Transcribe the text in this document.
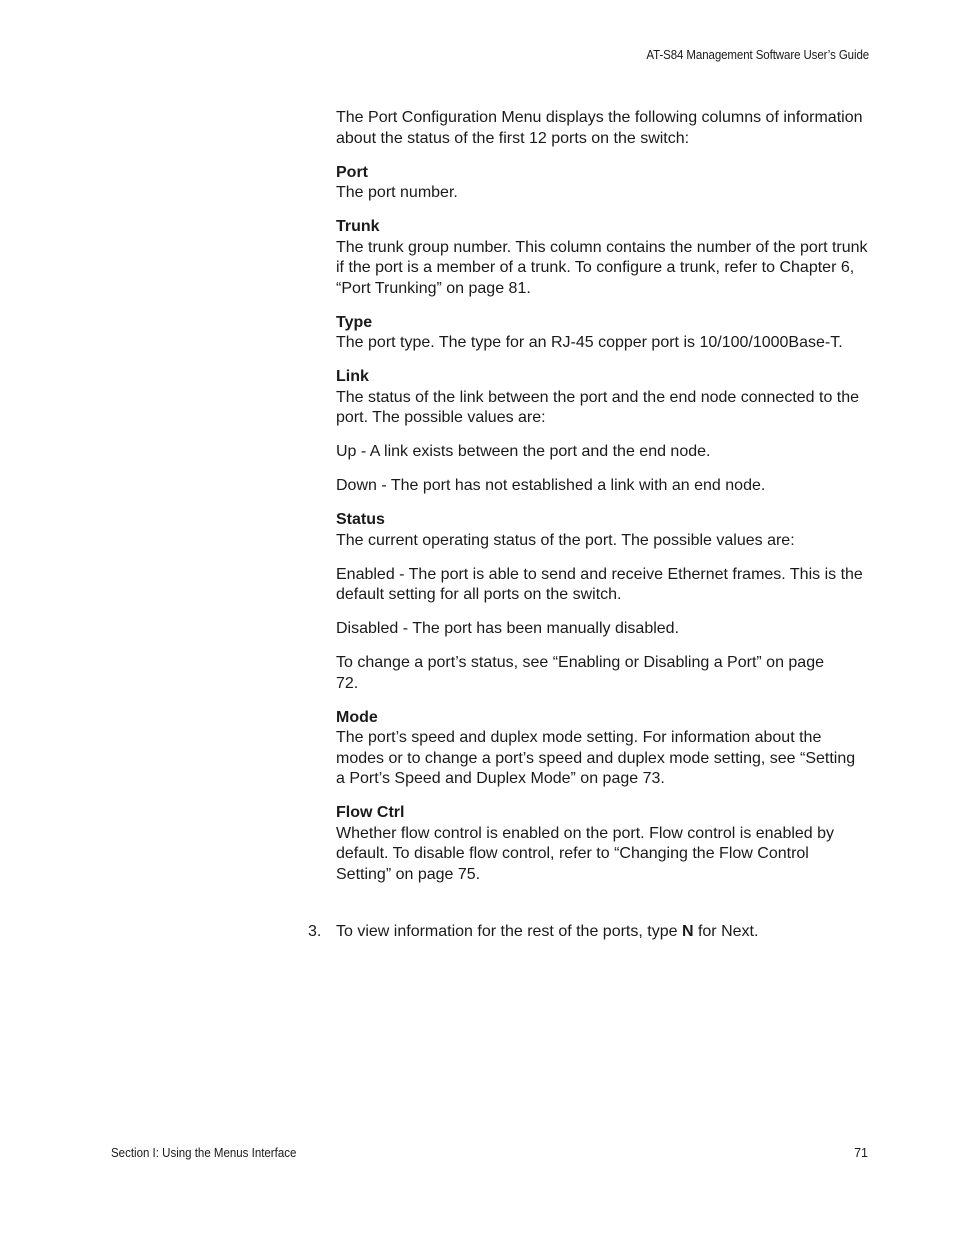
AT-S84 Management Software User’s Guide

The Port Configuration Menu displays the following columns of information about the status of the first 12 ports on the switch:

Port
The port number.
Trunk
The trunk group number. This column contains the number of the port trunk if the port is a member of a trunk. To configure a trunk, refer to Chapter 6, “Port Trunking” on page 81.
Type
The port type. The type for an RJ-45 copper port is 10/100/1000Base-T.
Link
The status of the link between the port and the end node connected to the port. The possible values are:

Up - A link exists between the port and the end node.

Down - The port has not established a link with an end node.

Status
The current operating status of the port. The possible values are:

Enabled - The port is able to send and receive Ethernet frames. This is the default setting for all ports on the switch.

Disabled - The port has been manually disabled.

To change a port’s status, see “Enabling or Disabling a Port” on page 72.

Mode
The port’s speed and duplex mode setting. For information about the modes or to change a port’s speed and duplex mode setting, see “Setting a Port’s Speed and Duplex Mode” on page 73.
Flow Ctrl
Whether flow control is enabled on the port. Flow control is enabled by default. To disable flow control, refer to “Changing the Flow Control Setting” on page 75.
3. To view information for the rest of the ports, type N for Next.
Section I: Using the Menus Interface	71
